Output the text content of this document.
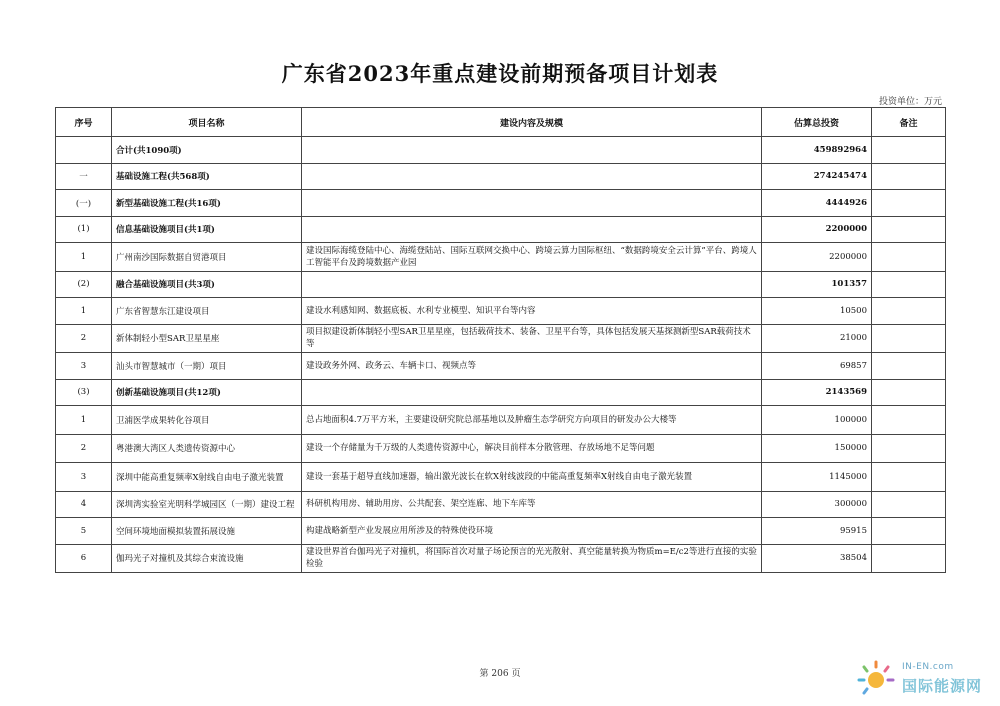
广东省2023年重点建设前期预备项目计划表
投资单位：万元
序号	项目名称	建设内容及规模	估算总投资	备注
	合计(共1090项)		459892964	
一	基础设施工程(共568项)		274245474	
(一)	新型基础设施工程(共16项)		4444926	
(1)	信息基础设施项目(共1项)		2200000	
1	广州南沙国际数据自贸港项目	建设国际海缆登陆中心、海缆登陆站、国际互联网交换中心、跨境云算力国际枢纽、“数据跨境安全云计算”平台、跨境人工智能平台及跨境数据产业园	2200000	
(2)	融合基础设施项目(共3项)		101357	
1	广东省智慧东江建设项目	建设水利感知网、数据底板、水利专业模型、知识平台等内容	10500	
2	新体制轻小型SAR卫星星座	项目拟建设新体制轻小型SAR卫星星座，包括载荷技术、装备、卫星平台等，具体包括发展天基探测新型SAR载荷技术等	21000	
3	汕头市智慧城市（一期）项目	建设政务外网、政务云、车辆卡口、视频点等	69857	
(3)	创新基础设施项目(共12项)		2143569	
1	卫浦医学成果转化谷项目	总占地面积4.7万平方米，主要建设研究院总部基地以及肿瘤生态学研究方向项目的研发办公大楼等	100000	
2	粤港澳大湾区人类遗传资源中心	建设一个存储量为千万级的人类遗传资源中心，解决目前样本分散管理、存放场地不足等问题	150000	
3	深圳中能高重复频率X射线自由电子激光装置	建设一套基于超导直线加速器，输出激光波长在软X射线波段的中能高重复频率X射线自由电子激光装置	1145000	
4	深圳湾实验室光明科学城园区（一期）建设工程	科研机构用房、辅助用房、公共配套、架空连廊、地下车库等	300000	
5	空间环境地面模拟装置拓展设施	构建战略新型产业发展应用所涉及的特殊使役环境	95915	
6	伽玛光子对撞机及其综合束流设施	建设世界首台伽玛光子对撞机，将国际首次对量子场论预言的光光散射、真空能量转换为物质m=E/c2等进行直接的实验检验	38504	
第 206 页
IN-EN.com
国际能源网
